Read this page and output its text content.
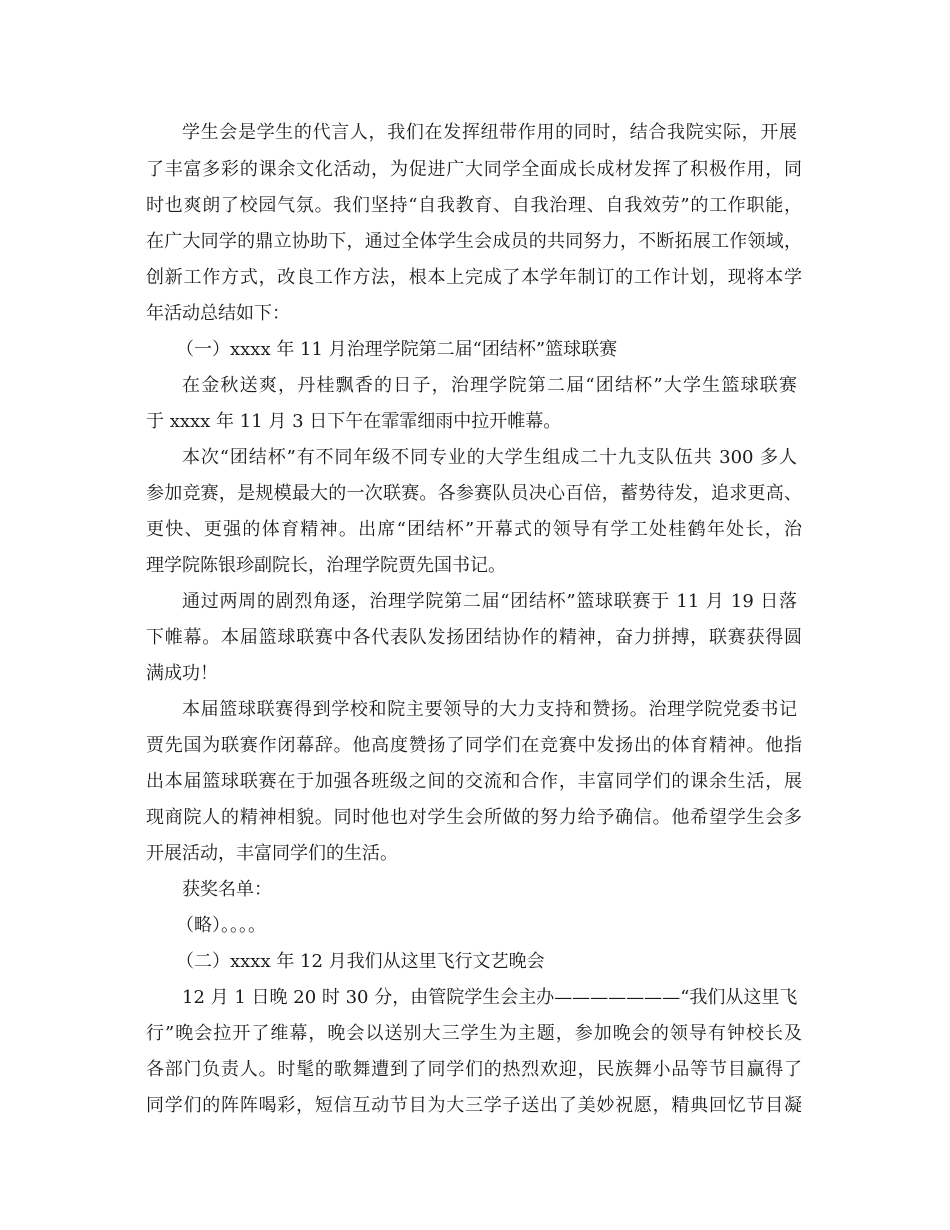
学生会是学生的代言人，我们在发挥纽带作用的同时，结合我院实际，开展
了丰富多彩的课余文化活动，为促进广大同学全面成长成材发挥了积极作用，同
时也爽朗了校园气氛。我们坚持“自我教育、自我治理、自我效劳”的工作职能，
在广大同学的鼎立协助下，通过全体学生会成员的共同努力，不断拓展工作领域，
创新工作方式，改良工作方法，根本上完成了本学年制订的工作计划，现将本学
年活动总结如下：
（一）xxxx 年 11 月治理学院第二届“团结杯”篮球联赛
在金秋送爽，丹桂飘香的日子，治理学院第二届“团结杯”大学生篮球联赛
于 xxxx 年 11 月 3 日下午在霏霏细雨中拉开帷幕。
本次“团结杯”有不同年级不同专业的大学生组成二十九支队伍共 300 多人
参加竞赛，是规模最大的一次联赛。各参赛队员决心百倍，蓄势待发，追求更高、
更快、更强的体育精神。出席“团结杯”开幕式的领导有学工处桂鹤年处长，治
理学院陈银珍副院长，治理学院贾先国书记。
通过两周的剧烈角逐，治理学院第二届“团结杯”篮球联赛于 11 月 19 日落
下帷幕。本届篮球联赛中各代表队发扬团结协作的精神，奋力拼搏，联赛获得圆
满成功！
本届篮球联赛得到学校和院主要领导的大力支持和赞扬。治理学院党委书记
贾先国为联赛作闭幕辞。他高度赞扬了同学们在竞赛中发扬出的体育精神。他指
出本届篮球联赛在于加强各班级之间的交流和合作，丰富同学们的课余生活，展
现商院人的精神相貌。同时他也对学生会所做的努力给予确信。他希望学生会多
开展活动，丰富同学们的生活。
获奖名单：
（略）。。。。
（二）xxxx 年 12 月我们从这里飞行文艺晚会
12 月 1 日晚 20 时 30 分，由管院学生会主办———————“我们从这里飞
行”晚会拉开了维幕，晚会以送别大三学生为主题，参加晚会的领导有钟校长及
各部门负责人。时髦的歌舞遭到了同学们的热烈欢迎，民族舞小品等节目赢得了
同学们的阵阵喝彩，短信互动节目为大三学子送出了美妙祝愿，精典回忆节目凝
